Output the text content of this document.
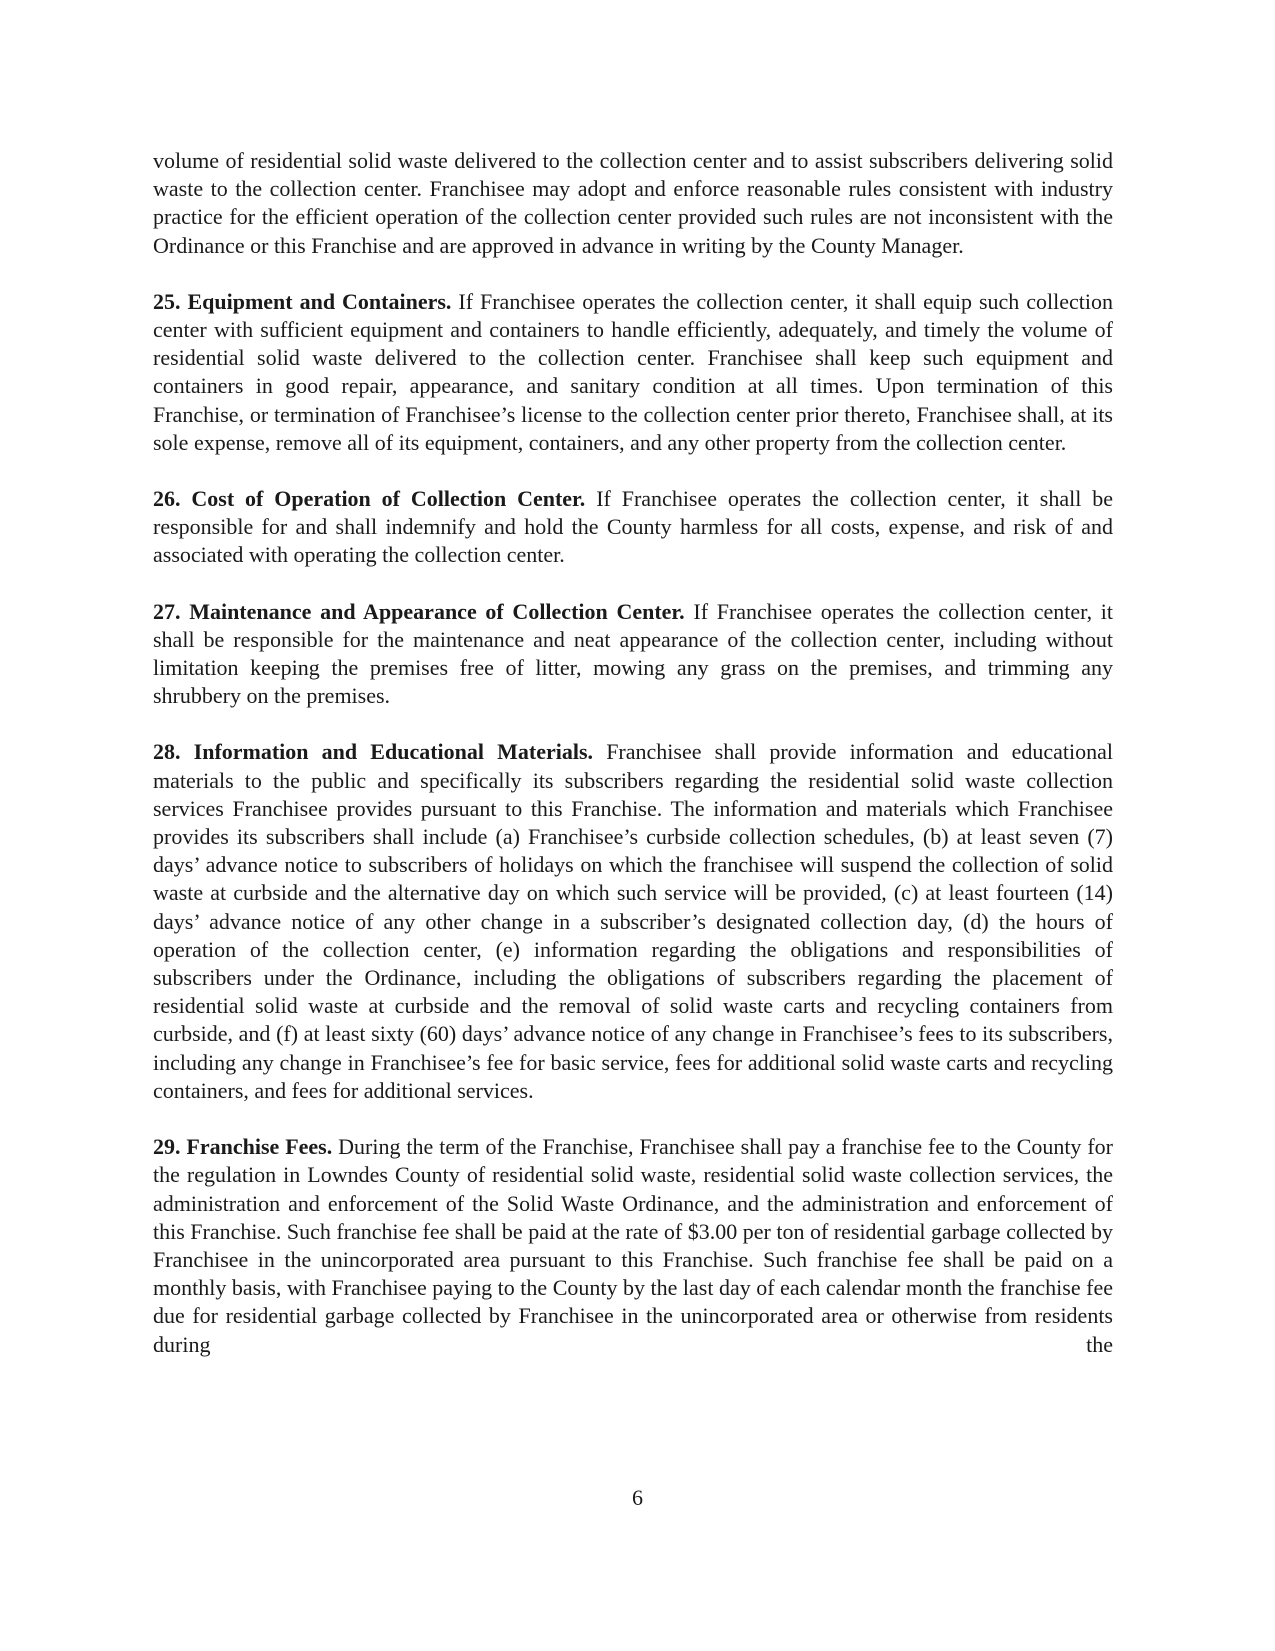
volume of residential solid waste delivered to the collection center and to assist subscribers delivering solid waste to the collection center. Franchisee may adopt and enforce reasonable rules consistent with industry practice for the efficient operation of the collection center provided such rules are not inconsistent with the Ordinance or this Franchise and are approved in advance in writing by the County Manager.

25. Equipment and Containers. If Franchisee operates the collection center, it shall equip such collection center with sufficient equipment and containers to handle efficiently, adequately, and timely the volume of residential solid waste delivered to the collection center. Franchisee shall keep such equipment and containers in good repair, appearance, and sanitary condition at all times. Upon termination of this Franchise, or termination of Franchisee’s license to the collection center prior thereto, Franchisee shall, at its sole expense, remove all of its equipment, containers, and any other property from the collection center.

26. Cost of Operation of Collection Center. If Franchisee operates the collection center, it shall be responsible for and shall indemnify and hold the County harmless for all costs, expense, and risk of and associated with operating the collection center.

27. Maintenance and Appearance of Collection Center. If Franchisee operates the collection center, it shall be responsible for the maintenance and neat appearance of the collection center, including without limitation keeping the premises free of litter, mowing any grass on the premises, and trimming any shrubbery on the premises.

28. Information and Educational Materials. Franchisee shall provide information and educational materials to the public and specifically its subscribers regarding the residential solid waste collection services Franchisee provides pursuant to this Franchise. The information and materials which Franchisee provides its subscribers shall include (a) Franchisee’s curbside collection schedules, (b) at least seven (7) days’ advance notice to subscribers of holidays on which the franchisee will suspend the collection of solid waste at curbside and the alternative day on which such service will be provided, (c) at least fourteen (14) days’ advance notice of any other change in a subscriber’s designated collection day, (d) the hours of operation of the collection center, (e) information regarding the obligations and responsibilities of subscribers under the Ordinance, including the obligations of subscribers regarding the placement of residential solid waste at curbside and the removal of solid waste carts and recycling containers from curbside, and (f) at least sixty (60) days’ advance notice of any change in Franchisee’s fees to its subscribers, including any change in Franchisee’s fee for basic service, fees for additional solid waste carts and recycling containers, and fees for additional services.

29. Franchise Fees. During the term of the Franchise, Franchisee shall pay a franchise fee to the County for the regulation in Lowndes County of residential solid waste, residential solid waste collection services, the administration and enforcement of the Solid Waste Ordinance, and the administration and enforcement of this Franchise. Such franchise fee shall be paid at the rate of $3.00 per ton of residential garbage collected by Franchisee in the unincorporated area pursuant to this Franchise. Such franchise fee shall be paid on a monthly basis, with Franchisee paying to the County by the last day of each calendar month the franchise fee due for residential garbage collected by Franchisee in the unincorporated area or otherwise from residents during the

6
